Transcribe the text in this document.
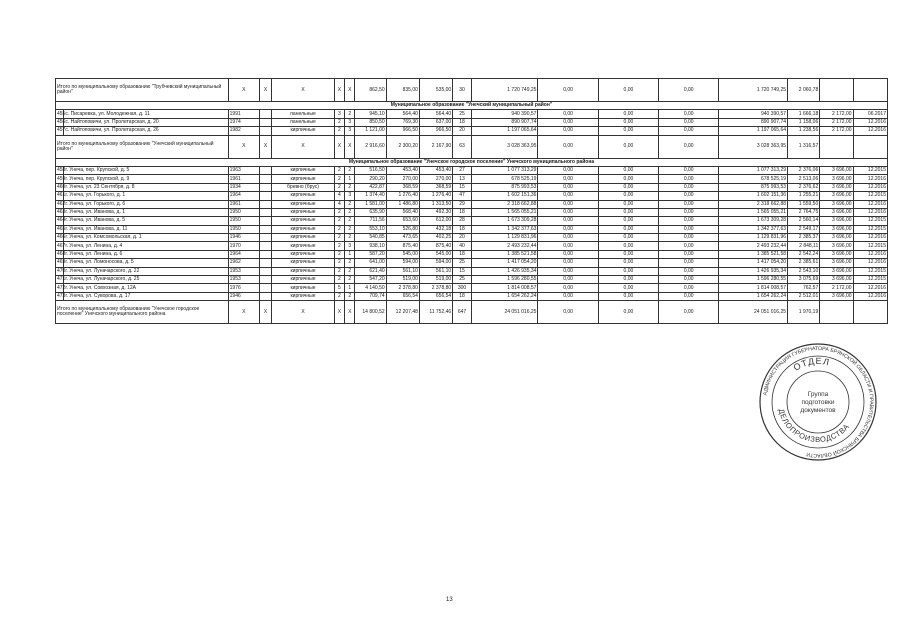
Итого по муниципальному образованию "Трубчевский муниципальный район"		X	X	X	X	X	862,50	835,00	535,00	30	1 720 749,25	0,00	0,00	0,00	1 720 749,25	2 060,78		
Муниципальное образование "Унечский муниципальный район"																		
455	с. Писаревка, ул. Молодежная, д. 11	1991		панельные	3	2	945,10	564,40	564,40	25	940 390,57	0,00	0,00	0,00	940 390,57	1 666,18	2 172,00	06.2017
456	с. Найтоповичи, ул. Пролетарская, д. 20	1974		панельные	2	3	850,50	769,30	637,00	18	890 907,74	0,00	0,00	0,00	890 907,74	1 158,06	2 172,00	12.2016
457	с. Найтоповичи, ул. Пролетарская, д. 26	1982		кирпичные	2	3	1 121,00	966,50	966,50	20	1 197 065,64	0,00	0,00	0,00	1 197 065,64	1 238,56	2 172,00	12.2016
Итого по муниципальному образованию "Унечский муниципальный район"		X	X	X	X	X	2 916,60	2 300,20	2 167,90	63	3 028 363,95	0,00	0,00	0,00	3 028 363,95	1 316,57		
Муниципальное образование "Унечское городское поселение" Унечского муниципального района																		
458	г. Унеча, пер. Крупской, д. 5	1963		кирпичные	2	2	516,50	453,40	453,40	27	1 077 313,29	0,00	0,00	0,00	1 077 313,29	2 376,06	3 696,00	12.2015
459	г. Унеча, пер. Крупской, д. 9	1961		кирпичные	2	1	290,20	270,00	270,00	13	678 525,19	0,00	0,00	0,00	678 525,19	2 513,06	3 696,00	12.2016
460	г. Унеча, ул. 23 Сентября, д. 8	1934		бревно (брус)	2	2	422,87	368,59	368,59	15	875 993,53	0,00	0,00	0,00	875 993,53	2 376,62	3 696,00	12.2016
461	г. Унеча, ул. Горького, д. 1	1964		кирпичные	4	3	1 374,40	1 276,40	1 276,40	47	1 602 151,36	0,00	0,00	0,00	1 602 151,36	1 255,21	3 696,00	12.2015
462	г. Унеча, ул. Горького, д. 6	1961		кирпичные	4	2	1 581,00	1 486,80	1 313,50	29	2 318 662,88	0,00	0,00	0,00	2 318 662,88	1 559,50	3 696,00	12.2016
463	г. Унеча, ул. Иванова, д. 1	1950		кирпичные	2	2	635,90	568,40	492,30	18	1 565 055,21	0,00	0,00	0,00	1 565 055,21	2 764,75	3 696,00	12.2016
464	г. Унеча, ул. Иванова, д. 5	1950		кирпичные	2	2	711,56	653,60	612,00	28	1 673 309,28	0,00	0,00	0,00	1 673 309,28	2 560,14	3 696,00	12.2015
465	г. Унеча, ул. Иванова, д. 11	1950		кирпичные	2	2	553,10	526,80	432,18	18	1 342 377,63	0,00	0,00	0,00	1 342 377,63	2 549,17	3 696,00	12.2015
466	г. Унеча, ул. Комсомольская, д. 1	1946		кирпичные	2	2	540,85	473,65	402,25	20	1 129 831,96	0,00	0,00	0,00	1 129 831,96	2 385,37	3 696,00	12.2016
467	г. Унеча, ул. Ленина, д. 4	1970		кирпичные	2	3	938,10	875,40	875,40	40	2 493 232,44	0,00	0,00	0,00	2 493 232,44	2 848,11	3 696,00	12.2015
468	г. Унеча, ул. Ленина, д. 6	1964		кирпичные	2	1	587,20	545,00	545,00	18	1 385 521,58	0,00	0,00	0,00	1 385 521,58	2 542,24	3 696,00	12.2016
469	г. Унеча, ул. Ломоносова, д. 5	1962		кирпичные	2	2	641,00	594,00	594,00	25	1 417 054,20	0,00	0,00	0,00	1 417 054,20	2 385,61	3 696,00	12.2016
470	г. Унеча, ул. Луначарского, д. 22	1953		кирпичные	2	2	621,40	561,10	561,10	15	1 426 935,34	0,00	0,00	0,00	1 426 935,34	2 543,10	3 696,00	12.2015
471	г. Унеча, ул. Луначарского, д. 25	1953		кирпичные	2	2	547,20	519,00	519,00	25	1 596 280,55	0,00	0,00	0,00	1 596 280,55	3 075,69	3 696,00	12.2015
472	г. Унеча, ул. Совхозная, д. 12А	1976		кирпичные	5	1	4 140,50	2 378,80	2 378,80	300	1 814 008,57	0,00	0,00	0,00	1 814 008,57	762,57	2 172,00	12.2016
473	г. Унеча, ул. Суворова, д. 17	1946		кирпичные	2	2	709,74	656,54	656,54	18	1 654 262,24	0,00	0,00	0,00	1 654 262,24	2 512,01	3 696,00	12.2016
Итого по муниципальному образованию "Унечское городское поселение" Унечского муниципального района		X	X	X	X	X	14 800,52	12 207,48	11 752,46	647	24 051 016,25	0,00	0,00	0,00	24 051 016,25	1 970,19		
13
АДМИНИСТРАЦИЯ ГУБЕРНАТОРА БРЯНСКОЙ ОБЛАСТИ И ПРАВИТЕЛЬСТВА БРЯНСКОЙ ОБЛАСТИ
ОТДЕЛ
ДЕЛОПРОИЗВОДСТВА
Группа
подготовки
документов
